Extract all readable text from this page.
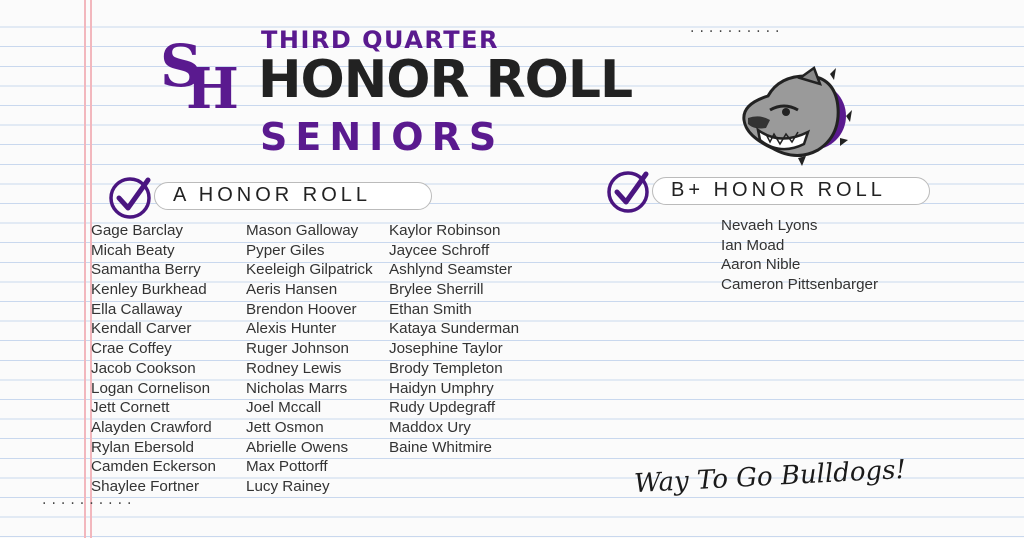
··········
··········
S
H
THIRD QUARTER
HONOR ROLL
SENIORS
A HONOR ROLL	B+ HONOR ROLL
Gage Barclay
Micah Beaty
Samantha Berry
Kenley Burkhead
Ella Callaway
Kendall Carver
Crae Coffey
Jacob Cookson
Logan Cornelison
Jett Cornett
Alayden Crawford
Rylan Ebersold
Camden Eckerson
Shaylee Fortner
Mason Galloway
Pyper Giles
Keeleigh Gilpatrick
Aeris Hansen
Brendon Hoover
Alexis Hunter
Ruger Johnson
Rodney Lewis
Nicholas Marrs
Joel Mccall
Jett Osmon
Abrielle Owens
Max Pottorff
Lucy Rainey
Kaylor Robinson
Jaycee Schroff
Ashlynd Seamster
Brylee Sherrill
Ethan Smith
Kataya Sunderman
Josephine Taylor
Brody Templeton
Haidyn Umphry
Rudy Updegraff
Maddox Ury
Baine Whitmire
Nevaeh Lyons
Ian Moad
Aaron Nible
Cameron Pittsenbarger
Way To Go Bulldogs!
